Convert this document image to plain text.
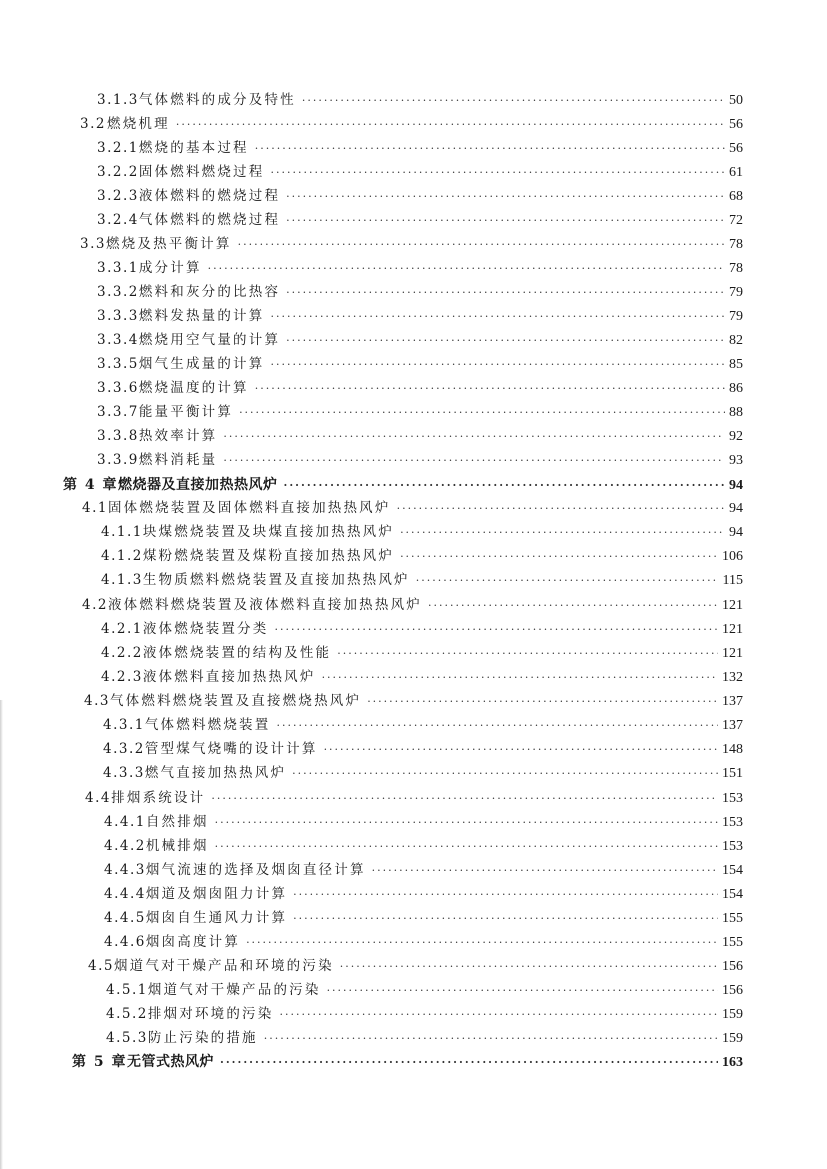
3.1.3 气体燃料的成分及特性 ·····	50
3.2 燃烧机理 ·····	56
3.2.1 燃烧的基本过程 ·····	56
3.2.2 固体燃料燃烧过程 ·····	61
3.2.3 液体燃料的燃烧过程 ·····	68
3.2.4 气体燃料的燃烧过程 ·····	72
3.3 燃烧及热平衡计算 ·····	78
3.3.1 成分计算 ·····	78
3.3.2 燃料和灰分的比热容 ·····	79
3.3.3 燃料发热量的计算 ·····	79
3.3.4 燃烧用空气量的计算 ·····	82
3.3.5 烟气生成量的计算 ·····	85
3.3.6 燃烧温度的计算 ·····	86
3.3.7 能量平衡计算 ·····	88
3.3.8 热效率计算 ·····	92
3.3.9 燃料消耗量 ·····	93
第 4 章 燃烧器及直接加热热风炉 ·····	94
4.1 固体燃烧装置及固体燃料直接加热热风炉 ·····	94
4.1.1 块煤燃烧装置及块煤直接加热热风炉 ·····	94
4.1.2 煤粉燃烧装置及煤粉直接加热热风炉 ·····	106
4.1.3 生物质燃料燃烧装置及直接加热热风炉 ·····	115
4.2 液体燃料燃烧装置及液体燃料直接加热热风炉 ·····	121
4.2.1 液体燃烧装置分类 ·····	121
4.2.2 液体燃烧装置的结构及性能 ·····	121
4.2.3 液体燃料直接加热热风炉 ·····	132
4.3 气体燃料燃烧装置及直接燃烧热风炉 ·····	137
4.3.1 气体燃料燃烧装置 ·····	137
4.3.2 管型煤气烧嘴的设计计算 ·····	148
4.3.3 燃气直接加热热风炉 ·····	151
4.4 排烟系统设计 ·····	153
4.4.1 自然排烟 ·····	153
4.4.2 机械排烟 ·····	153
4.4.3 烟气流速的选择及烟囱直径计算 ·····	154
4.4.4 烟道及烟囱阻力计算 ·····	154
4.4.5 烟囱自生通风力计算 ·····	155
4.4.6 烟囱高度计算 ·····	155
4.5 烟道气对干燥产品和环境的污染 ·····	156
4.5.1 烟道气对干燥产品的污染 ·····	156
4.5.2 排烟对环境的污染 ·····	159
4.5.3 防止污染的措施 ·····	159
第 5 章 无管式热风炉 ·····	163
